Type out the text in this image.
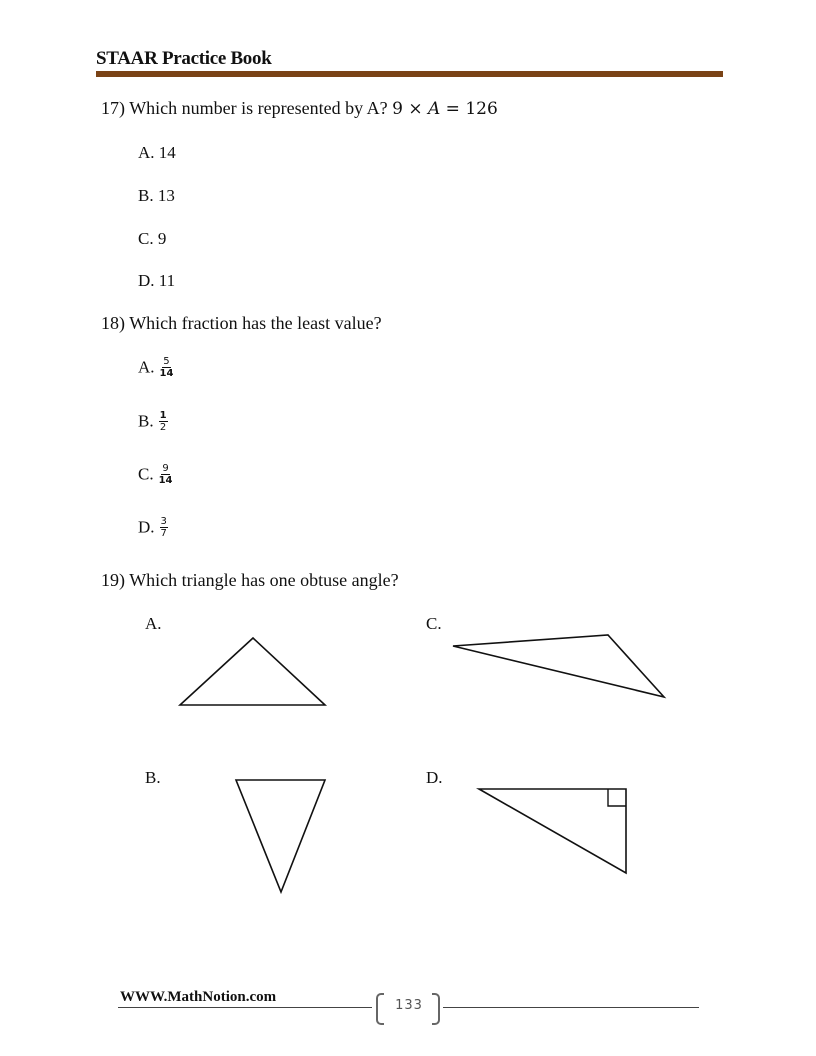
STAAR Practice Book
17) Which number is represented by A? 9 × A = 126
A. 14
B. 13
C. 9
D. 11
18) Which fraction has the least value?
A. $\frac{5}{14}$
B. $\frac{1}{2}$
C. $\frac{9}{14}$
D. $\frac{3}{7}$
19) Which triangle has one obtuse angle?
A.	C.
B.	D.
WWW.MathNotion.com
133
